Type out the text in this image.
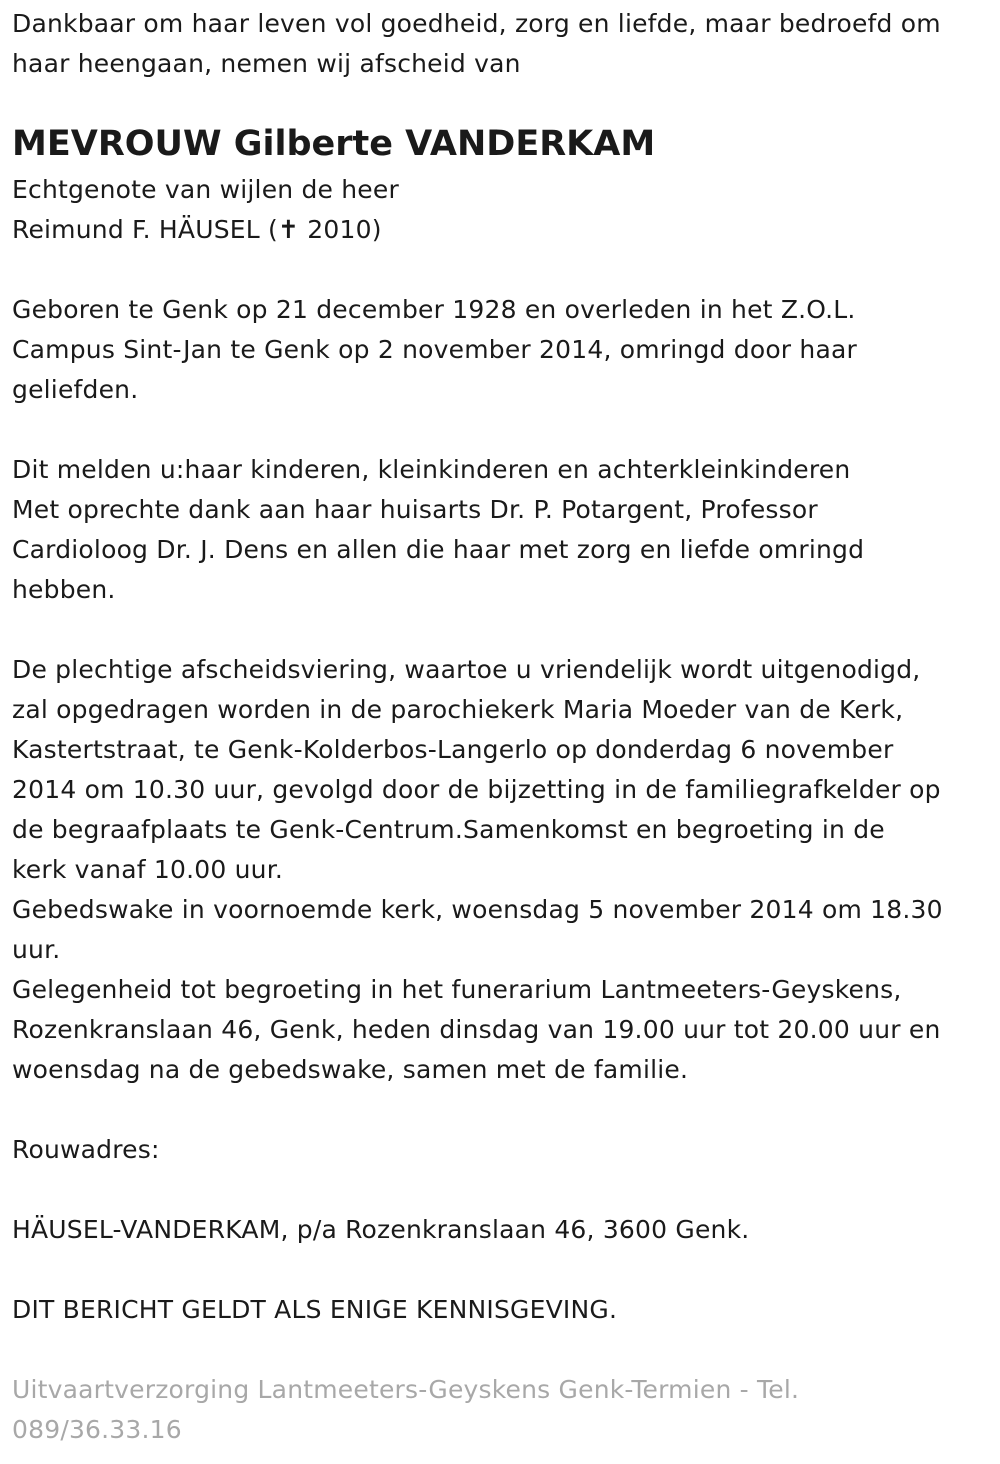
Dankbaar om haar leven vol goedheid, zorg en liefde, maar bedroefd om

haar heengaan, nemen wij afscheid van

MEVROUW Gilberte VANDERKAM

Echtgenote van wijlen de heer

Reimund F. HÄUSEL (✝ 2010)

Geboren te Genk op 21 december 1928 en overleden in het Z.O.L.

Campus Sint-Jan te Genk op 2 november 2014, omringd door haar

geliefden.

Dit melden u:haar kinderen, kleinkinderen en achterkleinkinderen

Met oprechte dank aan haar huisarts Dr. P. Potargent, Professor

Cardioloog Dr. J. Dens en allen die haar met zorg en liefde omringd

hebben.

De plechtige afscheidsviering, waartoe u vriendelijk wordt uitgenodigd,

zal opgedragen worden in de parochiekerk Maria Moeder van de Kerk,

Kastertstraat, te Genk-Kolderbos-Langerlo op donderdag 6 november

2014 om 10.30 uur, gevolgd door de bijzetting in de familiegrafkelder op

de begraafplaats te Genk-Centrum.Samenkomst en begroeting in de

kerk vanaf 10.00 uur.

Gebedswake in voornoemde kerk, woensdag 5 november 2014 om 18.30

uur.

Gelegenheid tot begroeting in het funerarium Lantmeeters-Geyskens,

Rozenkranslaan 46, Genk, heden dinsdag van 19.00 uur tot 20.00 uur en

woensdag na de gebedswake, samen met de familie.

Rouwadres:

HÄUSEL-VANDERKAM, p/a Rozenkranslaan 46, 3600 Genk.

DIT BERICHT GELDT ALS ENIGE KENNISGEVING.

Uitvaartverzorging Lantmeeters-Geyskens Genk-Termien - Tel.

089/36.33.16
